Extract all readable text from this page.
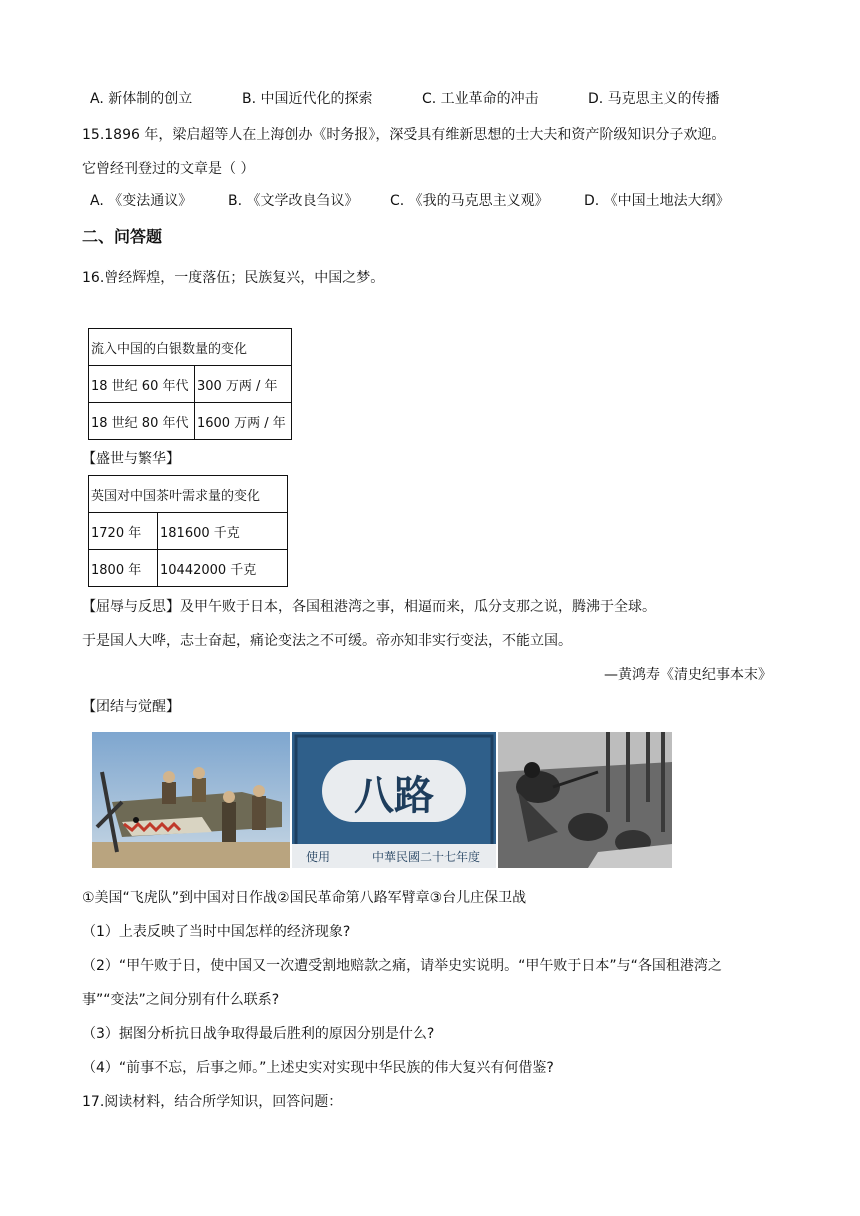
A. 新体制的创立	B. 中国近代化的探索	C. 工业革命的冲击	D. 马克思主义的传播
15.1896 年，梁启超等人在上海创办《时务报》，深受具有维新思想的士大夫和资产阶级知识分子欢迎。
它曾经刊登过的文章是（ ）
A. 《变法通议》	B. 《文学改良刍议》 C. 《我的马克思主义观》	D. 《中国土地法大纲》
二、问答题
16.曾经辉煌，一度落伍；民族复兴，中国之梦。
流入中国的白银数量的变化	
18 世纪 60 年代	300 万两 / 年
18 世纪 80 年代	1600 万两 / 年
【盛世与繁华】
英国对中国茶叶需求量的变化	
1720 年	181600 千克
1800 年	10442000 千克
【屈辱与反思】及甲午败于日本，各国租港湾之事，相逼而来，瓜分支那之说，腾沸于全球。
于是国人大哗，志士奋起，痛论变法之不可缓。帝亦知非实行变法，不能立国。
—黄鸿寿《清史纪事本末》
【团结与觉醒】
八路
中華民國二十七年度
使用
①美国“飞虎队”到中国对日作战②国民革命第八路军臂章③台儿庄保卫战
（1）上表反映了当时中国怎样的经济现象?
（2）“甲午败于日，使中国又一次遭受割地赔款之痛，请举史实说明。“甲午败于日本”与“各国租港湾之
事”“变法”之间分别有什么联系?
（3）据图分析抗日战争取得最后胜利的原因分别是什么?
（4）“前事不忘，后事之师。”上述史实对实现中华民族的伟大复兴有何借鉴?
17.阅读材料，结合所学知识，回答问题：
